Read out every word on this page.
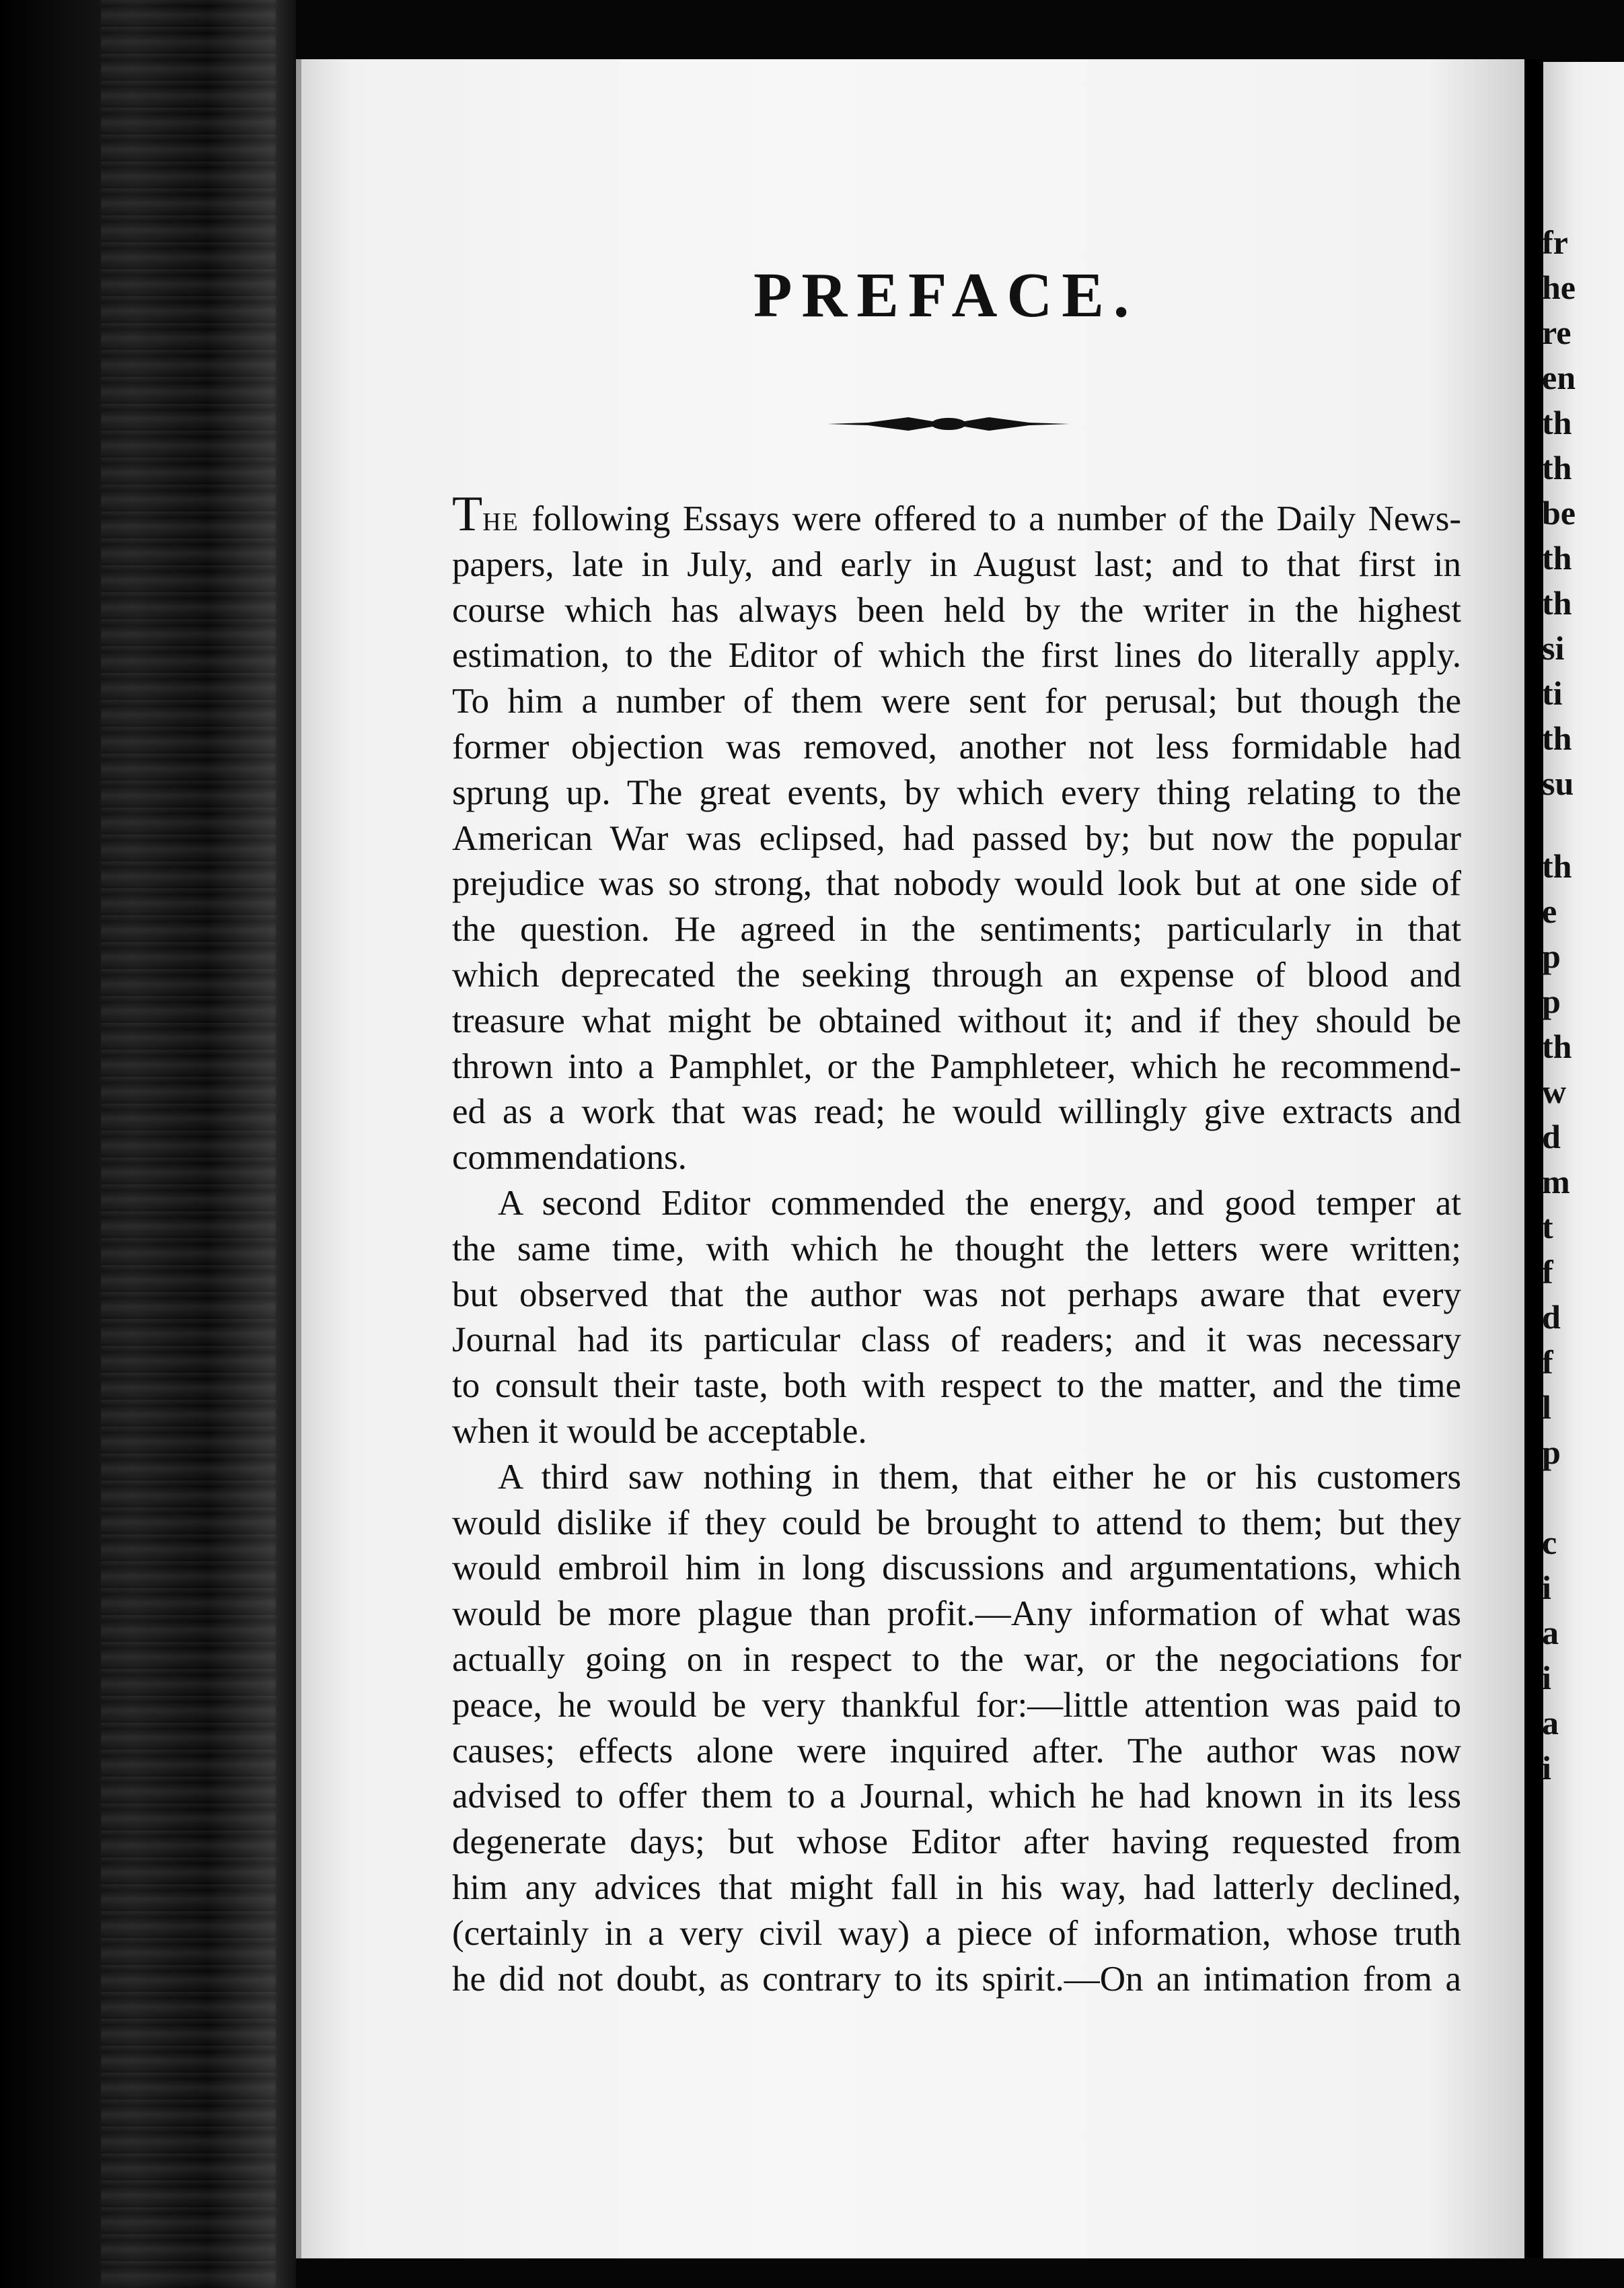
fr
he
re
en
th
th
be
th
th
si
ti
th
su
th
e
p
p
th
w
d
m
t
f
d
f
l
p
c
i
a
i
a
i
PREFACE.
THE following Essays were offered to a number of the Daily News-
papers, late in July, and early in August last; and to that first in
course which has always been held by the writer in the highest
estimation, to the Editor of which the first lines do literally apply.
To him a number of them were sent for perusal; but though the
former objection was removed, another not less formidable had
sprung up. The great events, by which every thing relating to the
American War was eclipsed, had passed by; but now the popular
prejudice was so strong, that nobody would look but at one side of
the question. He agreed in the sentiments; particularly in that
which deprecated the seeking through an expense of blood and
treasure what might be obtained without it; and if they should be
thrown into a Pamphlet, or the Pamphleteer, which he recommend-
ed as a work that was read; he would willingly give extracts and
commendations.
A second Editor commended the energy, and good temper at
the same time, with which he thought the letters were written;
but observed that the author was not perhaps aware that every
Journal had its particular class of readers; and it was necessary
to consult their taste, both with respect to the matter, and the time
when it would be acceptable.
A third saw nothing in them, that either he or his customers
would dislike if they could be brought to attend to them; but they
would embroil him in long discussions and argumentations, which
would be more plague than profit.—Any information of what was
actually going on in respect to the war, or the negociations for
peace, he would be very thankful for:—little attention was paid to
causes; effects alone were inquired after. The author was now
advised to offer them to a Journal, which he had known in its less
degenerate days; but whose Editor after having requested from
him any advices that might fall in his way, had latterly declined,
(certainly in a very civil way) a piece of information, whose truth
he did not doubt, as contrary to its spirit.—On an intimation from a
